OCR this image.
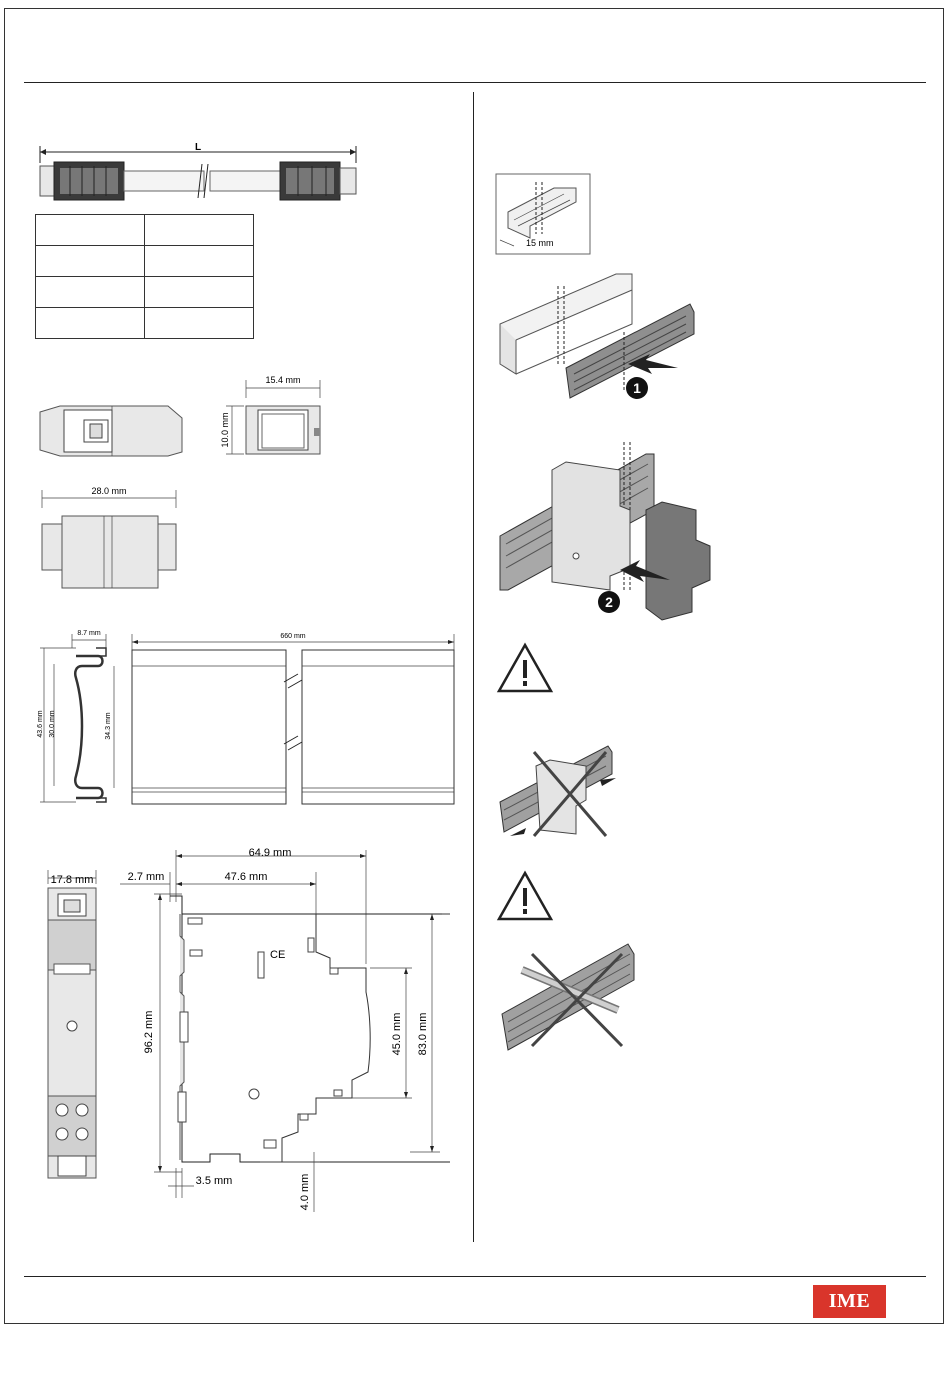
L

15.4 mm
10.0 mm
28.0 mm
8.7 mm
43.6 mm 30.0 mm	34.3 mm
660 mm
17.8 mm
64.9 mm
2.7 mm	47.6 mm
96.2 mm
CE
45.0 mm 83.0 mm
3.5 mm	4.0 mm
15 mm
1
2
IME
